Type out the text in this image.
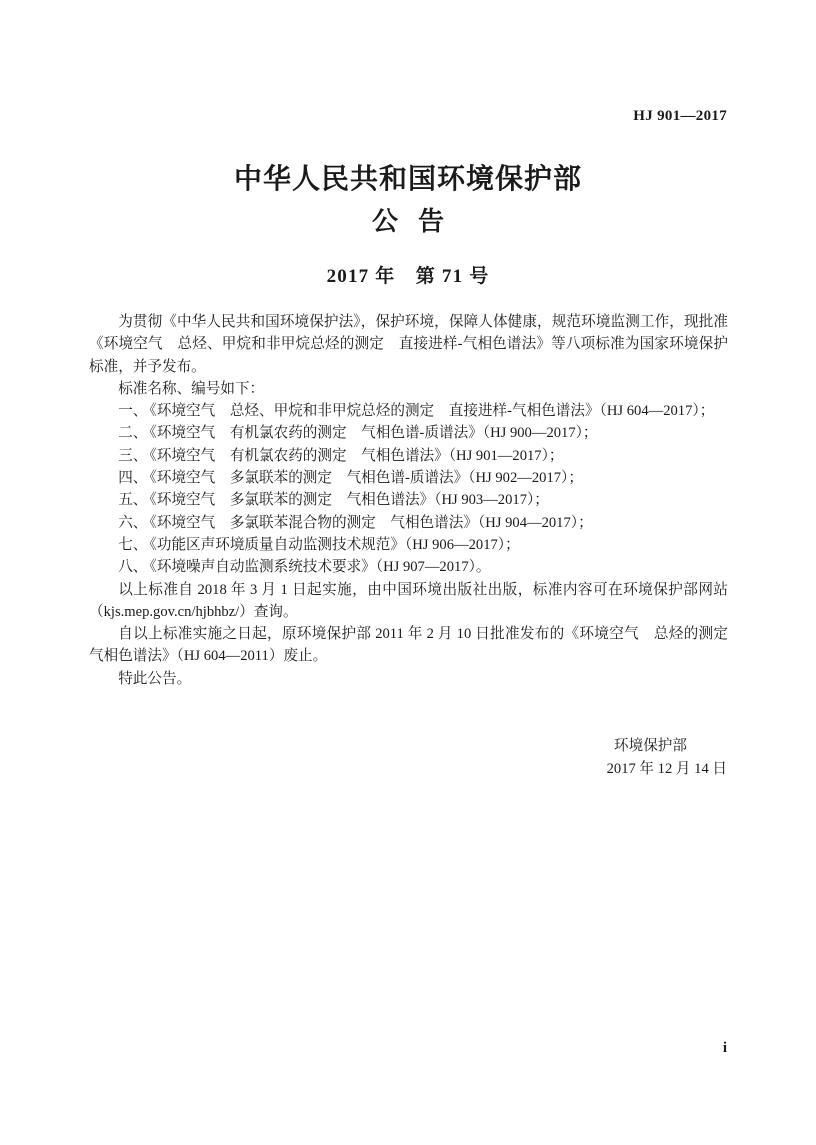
HJ 901—2017
中华人民共和国环境保护部
公告
2017 年　第 71 号

为贯彻《中华人民共和国环境保护法》，保护环境，保障人体健康，规范环境监测工作，现批准《环境空气　总烃、甲烷和非甲烷总烃的测定　直接进样-气相色谱法》等八项标准为国家环境保护标准，并予发布。

标准名称、编号如下：

一、 《环境空气　总烃、甲烷和非甲烷总烃的测定　直接进样-气相色谱法》（HJ 604—2017）；
二、 《环境空气　有机氯农药的测定　气相色谱-质谱法》（HJ 900—2017）；
三、 《环境空气　有机氯农药的测定　气相色谱法》（HJ 901—2017）；
四、 《环境空气　多氯联苯的测定　气相色谱-质谱法》（HJ 902—2017）；
五、 《环境空气　多氯联苯的测定　气相色谱法》（HJ 903—2017）；
六、 《环境空气　多氯联苯混合物的测定　气相色谱法》（HJ 904—2017）；
七、 《功能区声环境质量自动监测技术规范》（HJ 906—2017）；
八、 《环境噪声自动监测系统技术要求》（HJ 907—2017）。

以上标准自 2018 年 3 月 1 日起实施，由中国环境出版社出版，标准内容可在环境保护部网站（kjs.mep.gov.cn/hjbhbz/）查询。

自以上标准实施之日起，原环境保护部 2011 年 2 月 10 日批准发布的《环境空气　总烃的测定　气相色谱法》（HJ 604—2011）废止。

特此公告。

环境保护部
2017 年 12 月 14 日
i
